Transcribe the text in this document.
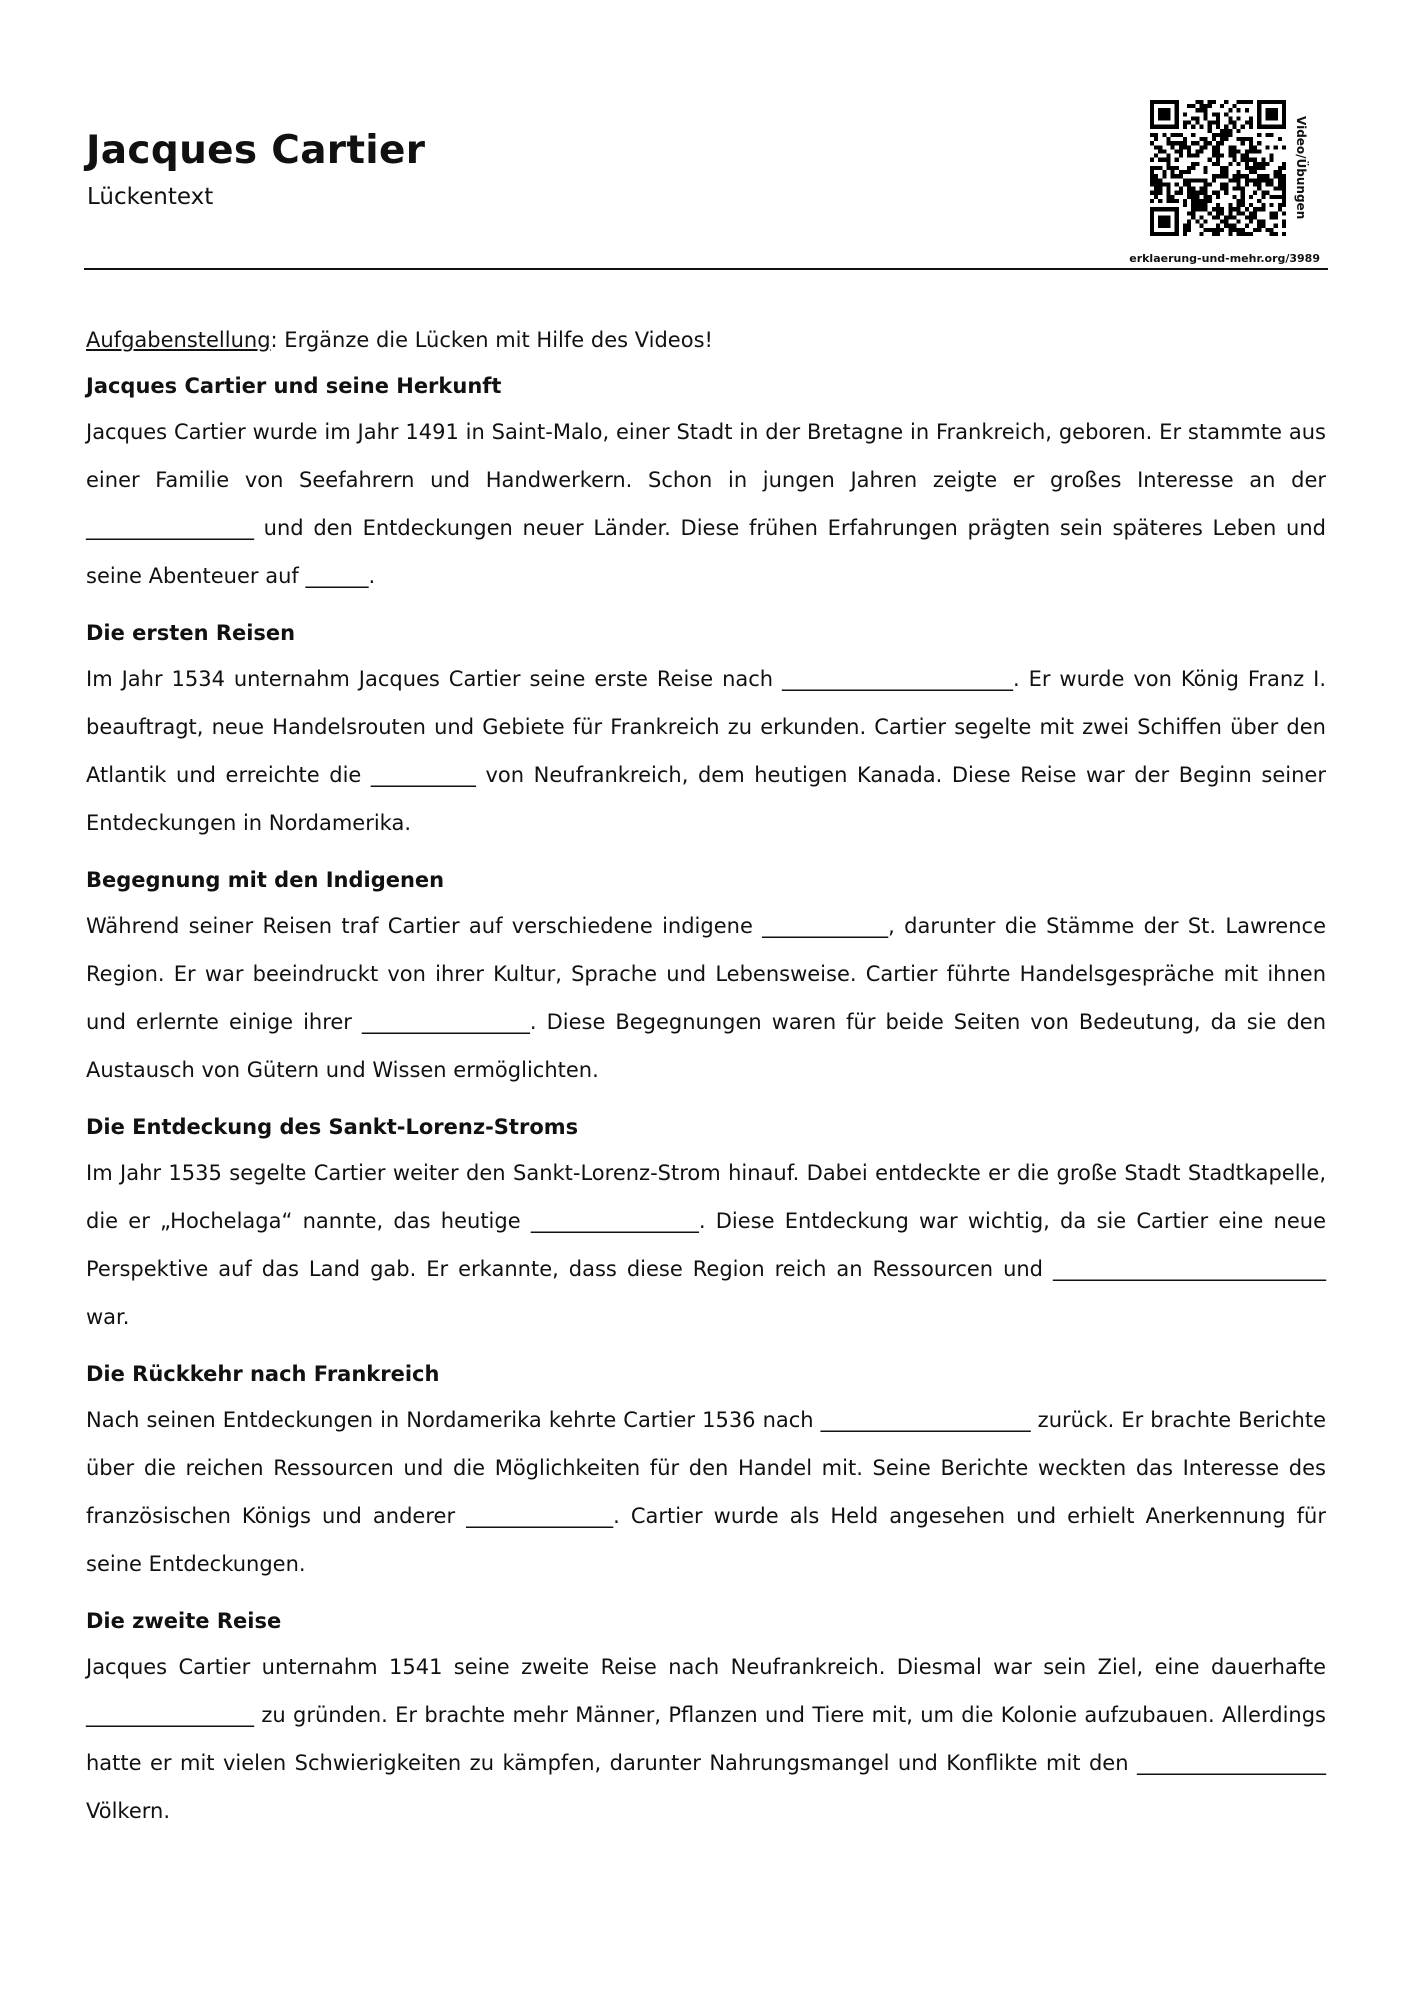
Jacques Cartier
Lückentext	Video/Übungen
erklaerung-und-mehr.org/3989

Aufgabenstellung: Ergänze die Lücken mit Hilfe des Videos!

Jacques Cartier und seine Herkunft

Jacques Cartier wurde im Jahr 1491 in Saint-Malo, einer Stadt in der Bretagne in Frankreich, geboren. Er stammte aus einer Familie von Seefahrern und Handwerkern. Schon in jungen Jahren zeigte er großes Interesse an der ________________ und den Entdeckungen neuer Länder. Diese frühen Erfahrungen prägten sein späteres Leben und seine Abenteuer auf ______.

Die ersten Reisen

Im Jahr 1534 unternahm Jacques Cartier seine erste Reise nach ______________________. Er wurde von König Franz I. beauftragt, neue Handelsrouten und Gebiete für Frankreich zu erkunden. Cartier segelte mit zwei Schiffen über den Atlantik und erreichte die __________ von Neufrankreich, dem heutigen Kanada. Diese Reise war der Beginn seiner Entdeckungen in Nordamerika.

Begegnung mit den Indigenen

Während seiner Reisen traf Cartier auf verschiedene indigene ____________, darunter die Stämme der St. Lawrence Region. Er war beeindruckt von ihrer Kultur, Sprache und Lebensweise. Cartier führte Handelsgespräche mit ihnen und erlernte einige ihrer ________________. Diese Begegnungen waren für beide Seiten von Bedeutung, da sie den Austausch von Gütern und Wissen ermöglichten.

Die Entdeckung des Sankt-Lorenz-Stroms

Im Jahr 1535 segelte Cartier weiter den Sankt-Lorenz-Strom hinauf. Dabei entdeckte er die große Stadt Stadtkapelle, die er „Hochelaga“ nannte, das heutige ________________. Diese Entdeckung war wichtig, da sie Cartier eine neue Perspektive auf das Land gab. Er erkannte, dass diese Region reich an Ressourcen und __________________________ war.

Die Rückkehr nach Frankreich

Nach seinen Entdeckungen in Nordamerika kehrte Cartier 1536 nach ____________________ zurück. Er brachte Berichte über die reichen Ressourcen und die Möglichkeiten für den Handel mit. Seine Berichte weckten das Interesse des französischen Königs und anderer ______________. Cartier wurde als Held angesehen und erhielt Anerkennung für seine Entdeckungen.

Die zweite Reise

Jacques Cartier unternahm 1541 seine zweite Reise nach Neufrankreich. Diesmal war sein Ziel, eine dauerhafte ________________ zu gründen. Er brachte mehr Männer, Pflanzen und Tiere mit, um die Kolonie aufzubauen. Allerdings hatte er mit vielen Schwierigkeiten zu kämpfen, darunter Nahrungsmangel und Konflikte mit den __________________ Völkern.
